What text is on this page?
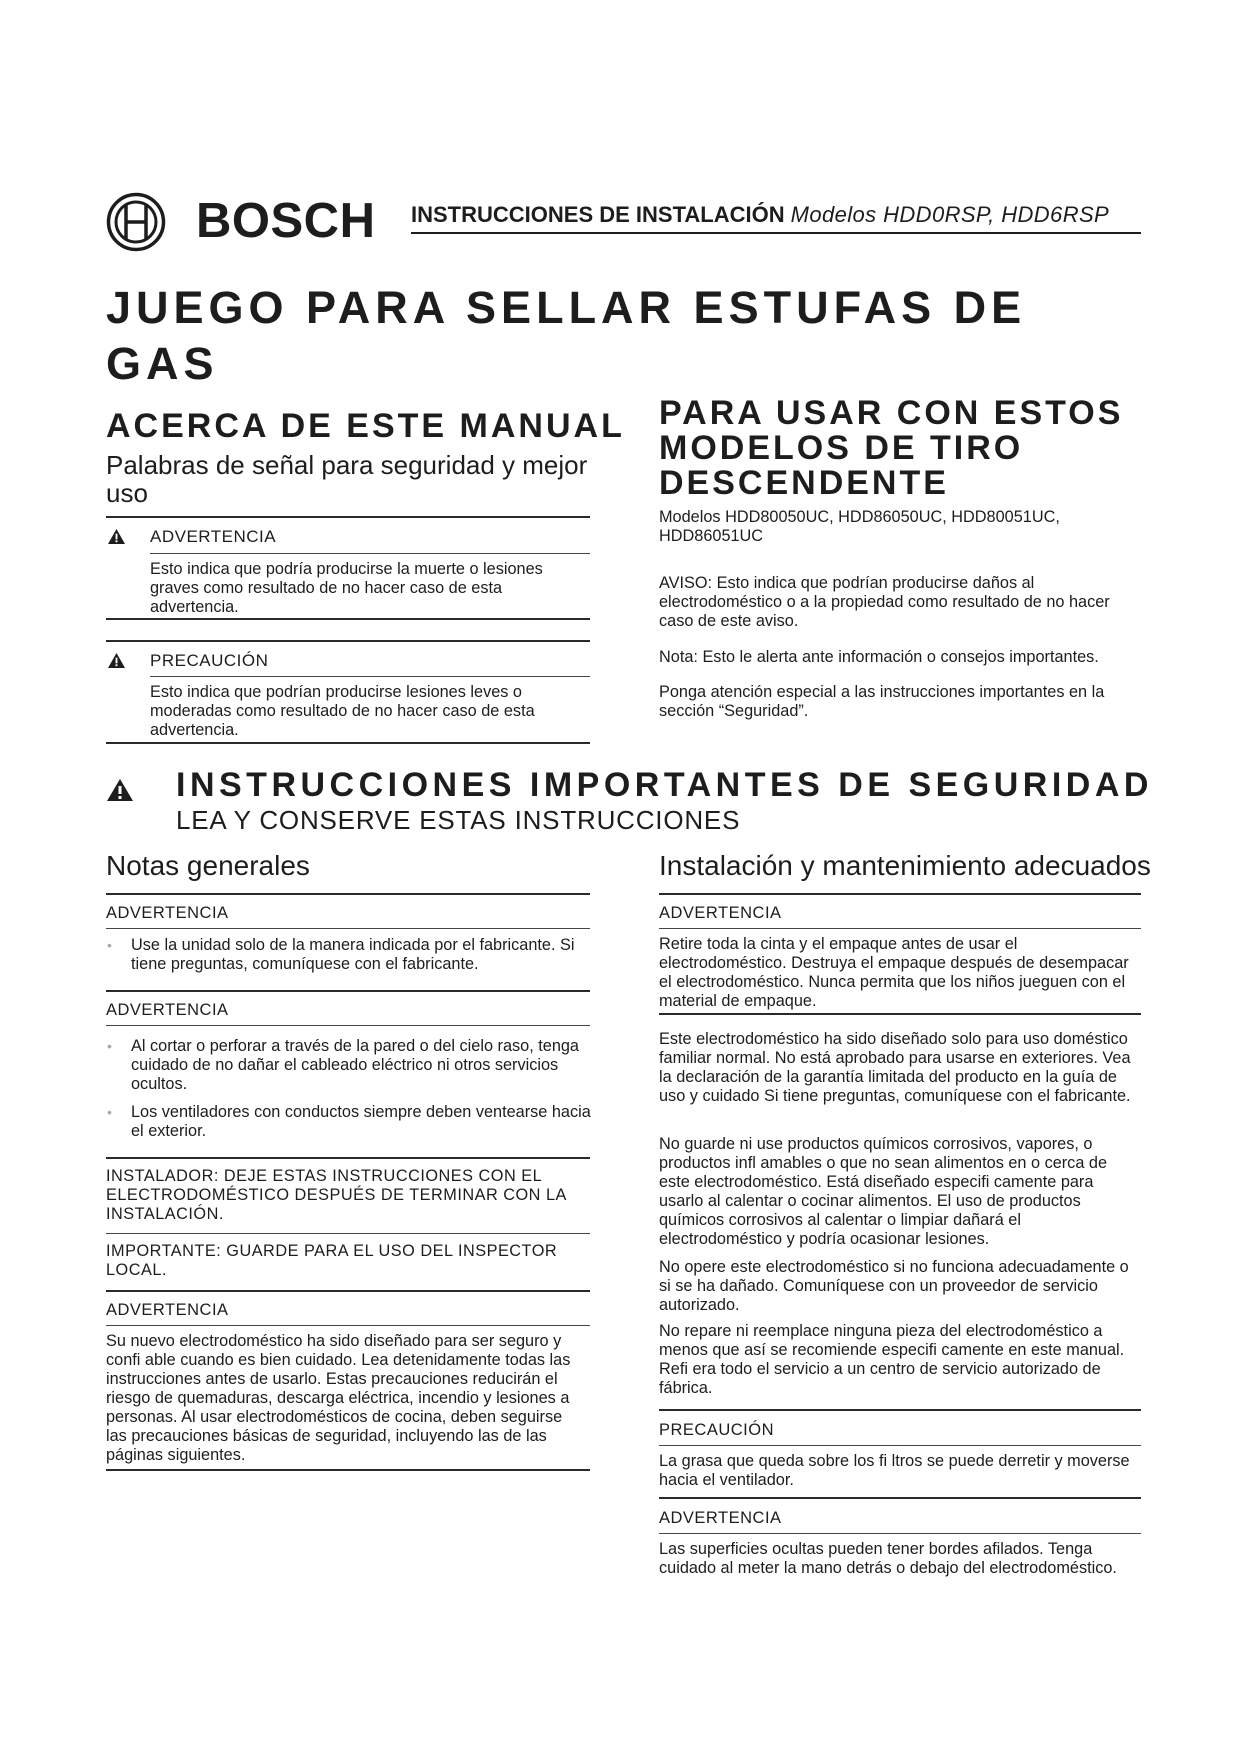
BOSCH INSTRUCCIONES DE INSTALACIÓN Modelos HDD0RSP, HDD6RSP
JUEGO PARA SELLAR ESTUFAS DE GAS
ACERCA DE ESTE MANUAL
Palabras de señal para seguridad y mejor uso
ADVERTENCIA
Esto indica que podría producirse la muerte o lesiones graves como resultado de no hacer caso de esta advertencia.
PRECAUCIÓN
Esto indica que podrían producirse lesiones leves o moderadas como resultado de no hacer caso de esta advertencia.
PARA USAR CON ESTOS MODELOS DE TIRO DESCENDENTE
Modelos HDD80050UC, HDD86050UC, HDD80051UC, HDD86051UC
AVISO: Esto indica que podrían producirse daños al electrodoméstico o a la propiedad como resultado de no hacer caso de este aviso.
Nota: Esto le alerta ante información o consejos importantes.
Ponga atención especial a las instrucciones importantes en la sección “Seguridad”.
INSTRUCCIONES IMPORTANTES DE SEGURIDAD
LEA Y CONSERVE ESTAS INSTRUCCIONES
Notas generales
ADVERTENCIA
• Use la unidad solo de la manera indicada por el fabricante. Si tiene preguntas, comuníquese con el fabricante.
ADVERTENCIA
• Al cortar o perforar a través de la pared o del cielo raso, tenga cuidado de no dañar el cableado eléctrico ni otros servicios ocultos.
• Los ventiladores con conductos siempre deben ventearse hacia el exterior.
INSTALADOR: DEJE ESTAS INSTRUCCIONES CON EL ELECTRODOMÉSTICO DESPUÉS DE TERMINAR CON LA INSTALACIÓN.
IMPORTANTE: GUARDE PARA EL USO DEL INSPECTOR LOCAL.
ADVERTENCIA
Su nuevo electrodoméstico ha sido diseñado para ser seguro y confi able cuando es bien cuidado. Lea detenidamente todas las instrucciones antes de usarlo. Estas precauciones reducirán el riesgo de quemaduras, descarga eléctrica, incendio y lesiones a personas. Al usar electrodomésticos de cocina, deben seguirse las precauciones básicas de seguridad, incluyendo las de las páginas siguientes.
Instalación y mantenimiento adecuados
ADVERTENCIA
Retire toda la cinta y el empaque antes de usar el electrodoméstico. Destruya el empaque después de desempacar el electrodoméstico. Nunca permita que los niños jueguen con el material de empaque.
Este electrodoméstico ha sido diseñado solo para uso doméstico familiar normal. No está aprobado para usarse en exteriores. Vea la declaración de la garantía limitada del producto en la guía de uso y cuidado Si tiene preguntas, comuníquese con el fabricante.
No guarde ni use productos químicos corrosivos, vapores, o productos infl amables o que no sean alimentos en o cerca de este electrodoméstico. Está diseñado especifi camente para usarlo al calentar o cocinar alimentos. El uso de productos químicos corrosivos al calentar o limpiar dañará el electrodoméstico y podría ocasionar lesiones.
No opere este electrodoméstico si no funciona adecuadamente o si se ha dañado. Comuníquese con un proveedor de servicio autorizado.
No repare ni reemplace ninguna pieza del electrodoméstico a menos que así se recomiende especifi camente en este manual. Refi era todo el servicio a un centro de servicio autorizado de fábrica.
PRECAUCIÓN
La grasa que queda sobre los fi ltros se puede derretir y moverse hacia el ventilador.
ADVERTENCIA
Las superficies ocultas pueden tener bordes afilados. Tenga cuidado al meter la mano detrás o debajo del electrodoméstico.
